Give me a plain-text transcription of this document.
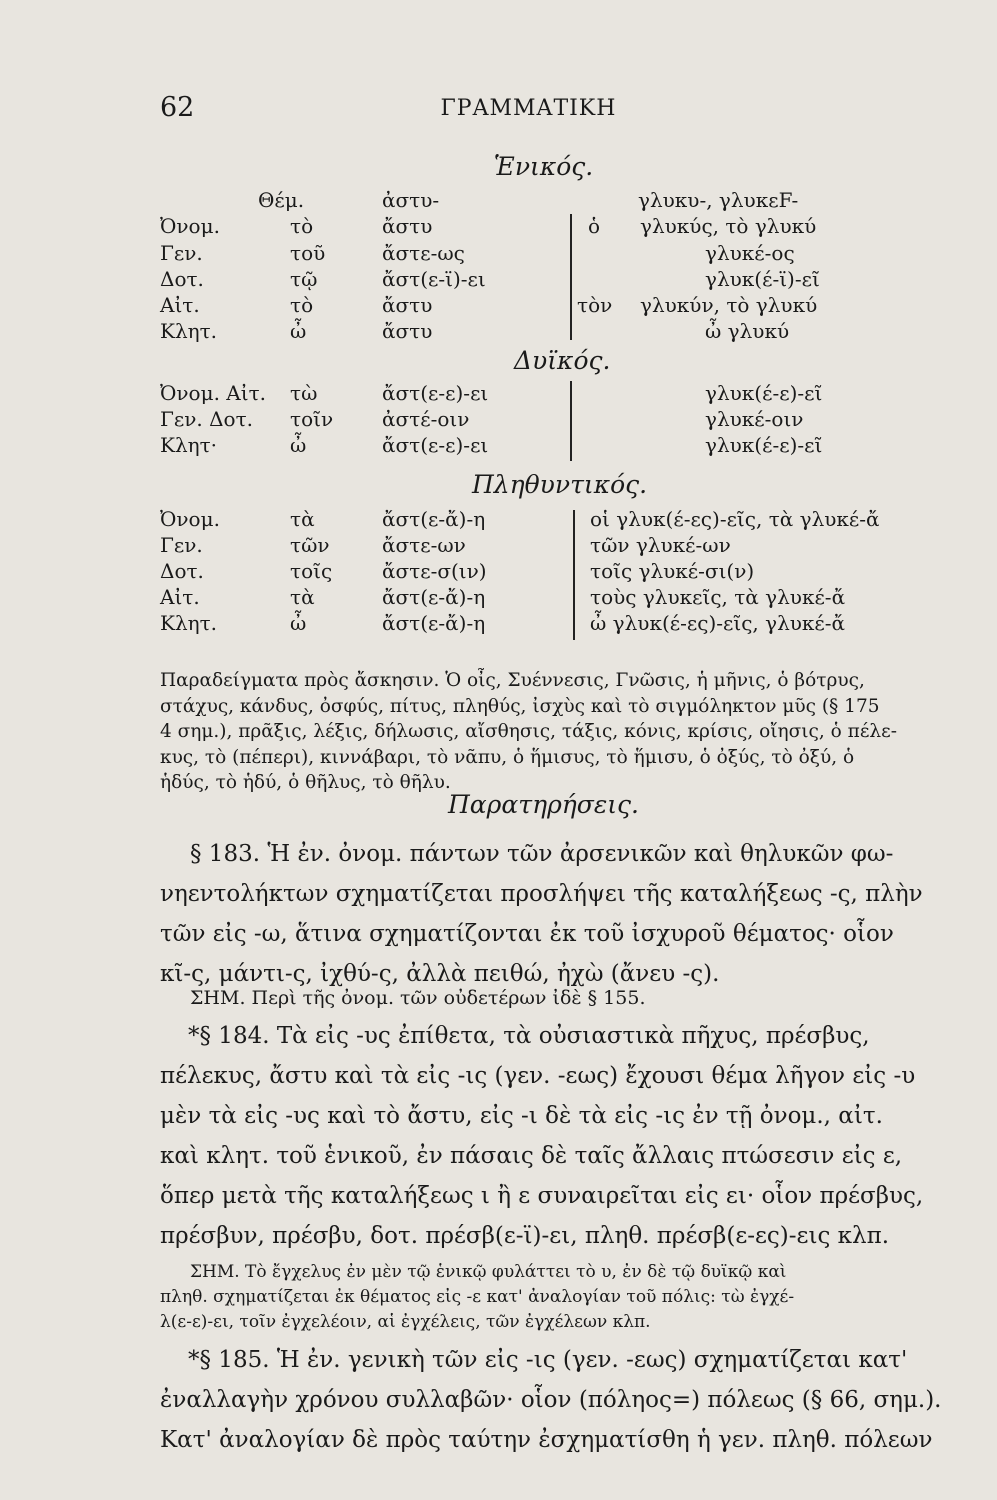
62	ΓΡΑΜΜΑΤΙΚΗ
Ἑνικός.
Θέμ.	ἀστυ-	γλυκυ-, γλυκεF-
Ὀνομ.	τὸ	ἄστυ	ὁ γλυκύς, τὸ γλυκύ
Γεν.	τοῦ	ἄστε-ως	γλυκέ-ος
Δοτ.	τῷ	ἄστ(ε-ϊ)-ει	γλυκ(έ-ϊ)-εῖ
Αἰτ.	τὸ	ἄστυ	τὸν γλυκύν, τὸ γλυκύ
Κλητ.	ὦ	ἄστυ	ὦ γλυκύ
Δυϊκός.
Ὀνομ. Αἰτ. τὼ	ἄστ(ε-ε)-ει	γλυκ(έ-ε)-εῖ
Γεν. Δοτ. τοῖν ἀστέ-οιν	γλυκέ-οιν
Κλητ·	ὦ	ἄστ(ε-ε)-ει	γλυκ(έ-ε)-εῖ
Πληθυντικός.
Ὀνομ.	τὰ	ἄστ(ε-ἄ)-η	οἱ γλυκ(έ-ες)-εῖς, τὰ γλυκέ-ἄ
Γεν.	τῶν	ἄστε-ων	τῶν γλυκέ-ων
Δοτ.	τοῖς ἄστε-σ(ιν)	τοῖς γλυκέ-σι(ν)
Αἰτ.	τὰ	ἄστ(ε-ἄ)-η	τοὺς γλυκεῖς, τὰ γλυκέ-ἄ
Κλητ.	ὦ	ἄστ(ε-ἄ)-η	ὦ γλυκ(έ-ες)-εῖς, γλυκέ-ἄ
Παραδείγματα πρὸς ἄσκησιν. Ὁ οἶς, Συέννεσις, Γνῶσις, ἡ μῆνις, ὁ βότρυς,
στάχυς, κάνδυς, ὀσφύς, πίτυς, πληθύς, ἰσχὺς καὶ τὸ σιγμόληκτον μῦς (§ 175
4 σημ.), πρᾶξις, λέξις, δήλωσις, αἴσθησις, τάξις, κόνις, κρίσις, οἴησις, ὁ πέλε-
κυς, τὸ (πέπερι), κιννάβαρι, τὸ νᾶπυ, ὁ ἥμισυς, τὸ ἥμισυ, ὁ ὀξύς, τὸ ὀξύ, ὁ
ἡδύς, τὸ ἡδύ, ὁ θῆλυς, τὸ θῆλυ.
Παρατηρήσεις.
§ 183. Ἡ ἐν. ὀνομ. πάντων τῶν ἀρσενικῶν καὶ θηλυκῶν φω-
νηεντολήκτων σχηματίζεται προσλήψει τῆς καταλήξεως -ς, πλὴν
τῶν εἰς -ω, ἅτινα σχηματίζονται ἐκ τοῦ ἰσχυροῦ θέματος· οἷον
κῖ-ς, μάντι-ς, ἰχθύ-ς, ἀλλὰ πειθώ, ἠχὼ (ἄνευ -ς).
ΣΗΜ. Περὶ τῆς ὀνομ. τῶν οὐδετέρων ἰδὲ § 155.
*§ 184. Τὰ εἰς -υς ἐπίθετα, τὰ οὐσιαστικὰ πῆχυς, πρέσβυς,
πέλεκυς, ἄστυ καὶ τὰ εἰς -ις (γεν. -εως) ἔχουσι θέμα λῆγον εἰς -υ
μὲν τὰ εἰς -υς καὶ τὸ ἄστυ, εἰς -ι δὲ τὰ εἰς -ις ἐν τῇ ὀνομ., αἰτ.
καὶ κλητ. τοῦ ἑνικοῦ, ἐν πάσαις δὲ ταῖς ἄλλαις πτώσεσιν εἰς ε,
ὅπερ μετὰ τῆς καταλήξεως ι ἢ ε συναιρεῖται εἰς ει· οἷον πρέσβυς,
πρέσβυν, πρέσβυ, δοτ. πρέσβ(ε-ϊ)-ει, πληθ. πρέσβ(ε-ες)-εις κλπ.
ΣΗΜ. Τὸ ἔγχελυς ἐν μὲν τῷ ἑνικῷ φυλάττει τὸ υ, ἐν δὲ τῷ δυϊκῷ καὶ
πληθ. σχηματίζεται ἐκ θέματος εἰς -ε κατ' ἀναλογίαν τοῦ πόλις: τὼ ἐγχέ-
λ(ε-ε)-ει, τοῖν ἐγχελέοιν, αἱ ἐγχέλεις, τῶν ἐγχέλεων κλπ.
*§ 185. Ἡ ἐν. γενικὴ τῶν εἰς -ις (γεν. -εως) σχηματίζεται κατ'
ἐναλλαγὴν χρόνου συλλαβῶν· οἷον (πόληος=) πόλεως (§ 66, σημ.).
Κατ' ἀναλογίαν δὲ πρὸς ταύτην ἐσχηματίσθη ἡ γεν. πληθ. πόλεων
